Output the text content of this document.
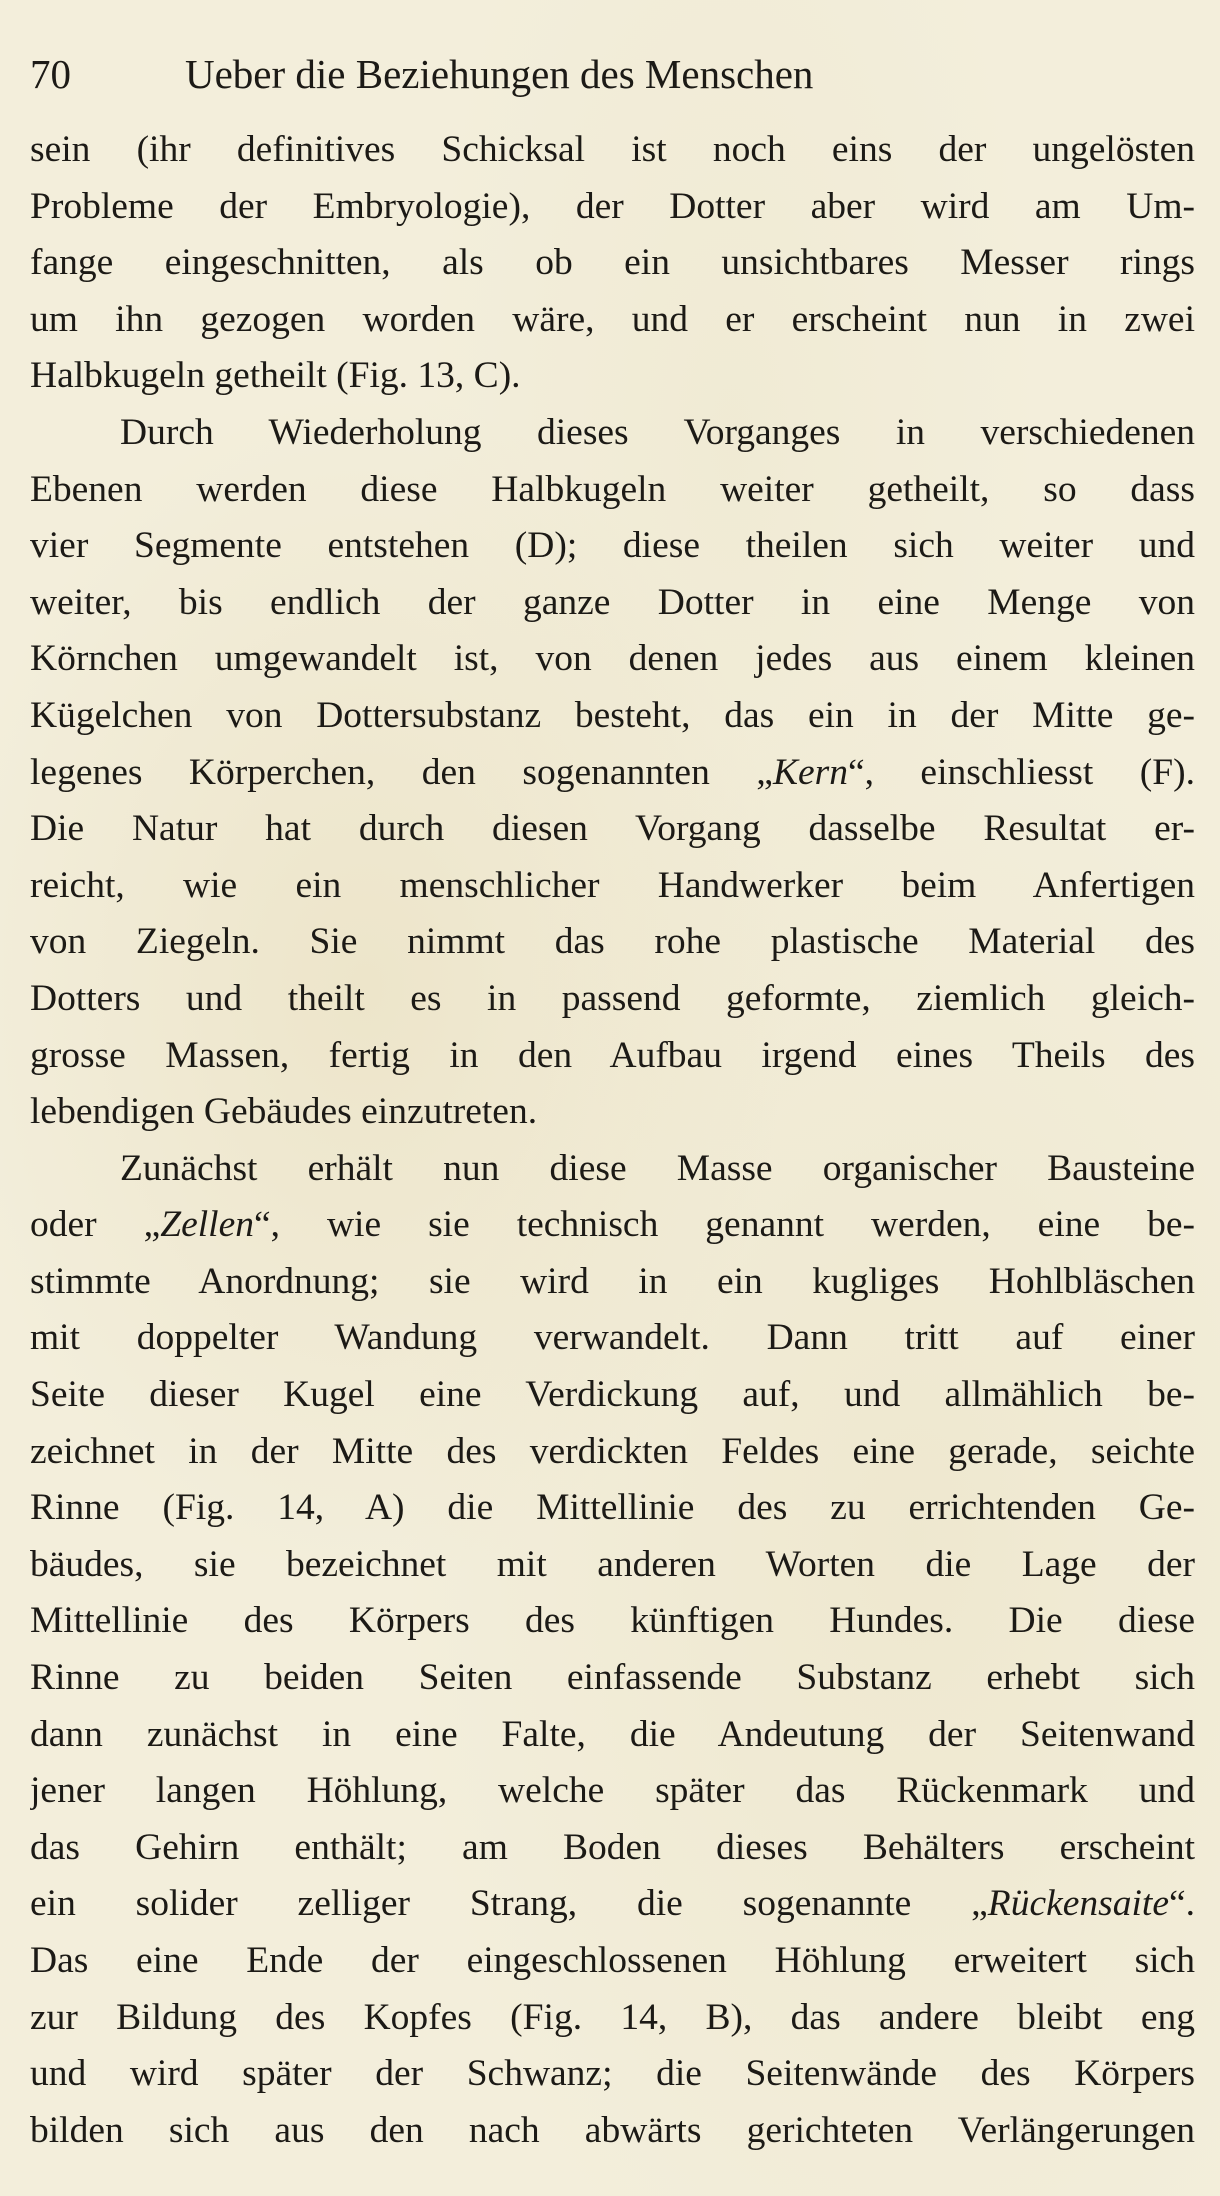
70	Ueber die Beziehungen des Menschen
sein (ihr definitives Schicksal ist noch eins der ungelösten
Probleme der Embryologie), der Dotter aber wird am Um-
fange eingeschnitten, als ob ein unsichtbares Messer rings
um ihn gezogen worden wäre, und er erscheint nun in zwei
Halbkugeln getheilt (Fig. 13, C).
Durch Wiederholung dieses Vorganges in verschiedenen
Ebenen werden diese Halbkugeln weiter getheilt, so dass
vier Segmente entstehen (D); diese theilen sich weiter und
weiter, bis endlich der ganze Dotter in eine Menge von
Körnchen umgewandelt ist, von denen jedes aus einem kleinen
Kügelchen von Dottersubstanz besteht, das ein in der Mitte ge-
legenes Körperchen, den sogenannten „Kern“, einschliesst (F).
Die Natur hat durch diesen Vorgang dasselbe Resultat er-
reicht, wie ein menschlicher Handwerker beim Anfertigen
von Ziegeln. Sie nimmt das rohe plastische Material des
Dotters und theilt es in passend geformte, ziemlich gleich-
grosse Massen, fertig in den Aufbau irgend eines Theils des
lebendigen Gebäudes einzutreten.
Zunächst erhält nun diese Masse organischer Bausteine
oder „Zellen“, wie sie technisch genannt werden, eine be-
stimmte Anordnung; sie wird in ein kugliges Hohlbläschen
mit doppelter Wandung verwandelt. Dann tritt auf einer
Seite dieser Kugel eine Verdickung auf, und allmählich be-
zeichnet in der Mitte des verdickten Feldes eine gerade, seichte
Rinne (Fig. 14, A) die Mittellinie des zu errichtenden Ge-
bäudes, sie bezeichnet mit anderen Worten die Lage der
Mittellinie des Körpers des künftigen Hundes. Die diese
Rinne zu beiden Seiten einfassende Substanz erhebt sich
dann zunächst in eine Falte, die Andeutung der Seitenwand
jener langen Höhlung, welche später das Rückenmark und
das Gehirn enthält; am Boden dieses Behälters erscheint
ein solider zelliger Strang, die sogenannte „Rückensaite“.
Das eine Ende der eingeschlossenen Höhlung erweitert sich
zur Bildung des Kopfes (Fig. 14, B), das andere bleibt eng
und wird später der Schwanz; die Seitenwände des Körpers
bilden sich aus den nach abwärts gerichteten Verlängerungen
